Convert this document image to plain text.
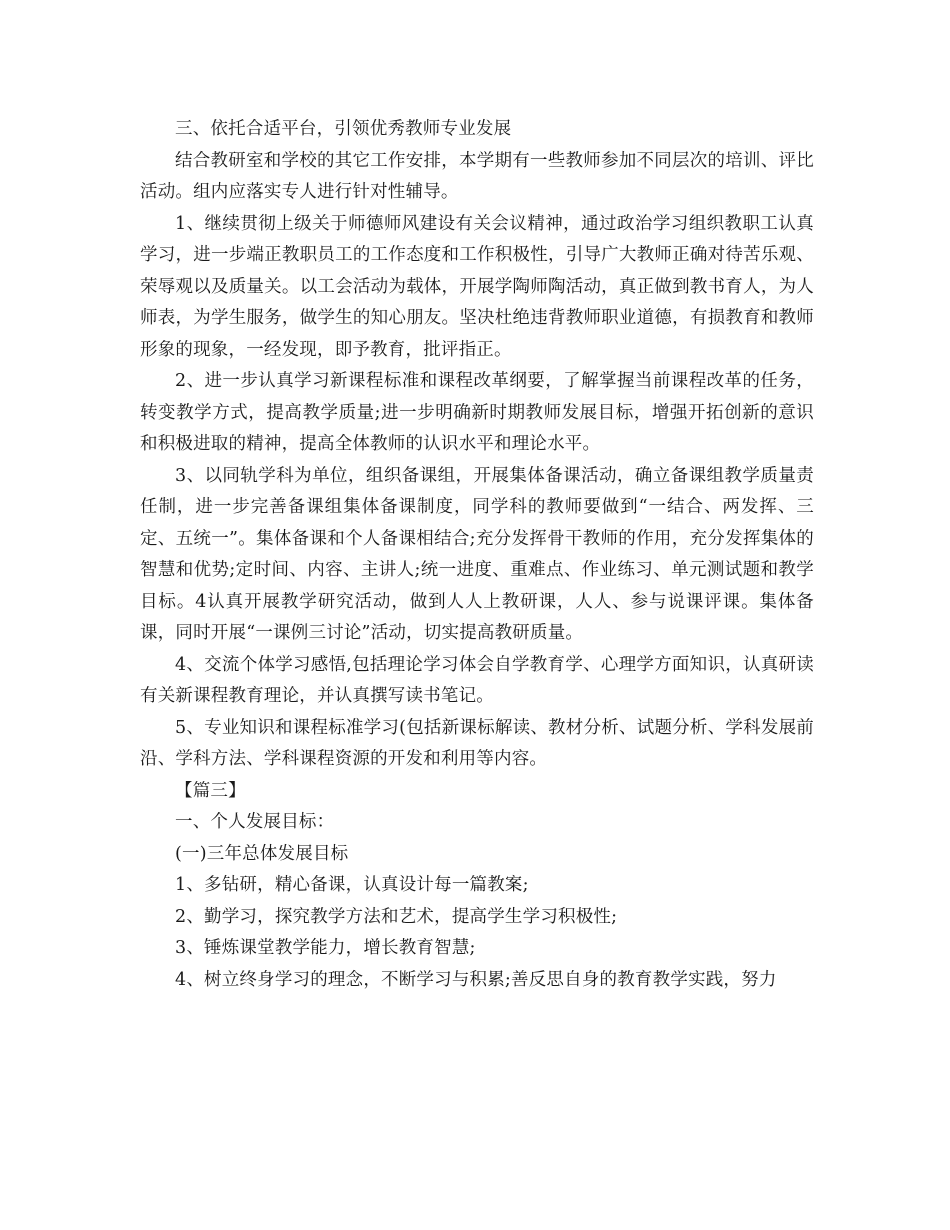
三、依托合适平台，引领优秀教师专业发展

结合教研室和学校的其它工作安排，本学期有一些教师参加不同层次的培训、评比活动。组内应落实专人进行针对性辅导。

1、继续贯彻上级关于师德师风建设有关会议精神，通过政治学习组织教职工认真学习，进一步端正教职员工的工作态度和工作积极性，引导广大教师正确对待苦乐观、荣辱观以及质量关。以工会活动为载体，开展学陶师陶活动，真正做到教书育人，为人师表，为学生服务，做学生的知心朋友。坚决杜绝违背教师职业道德，有损教育和教师形象的现象，一经发现，即予教育，批评指正。

2、进一步认真学习新课程标准和课程改革纲要，了解掌握当前课程改革的任务，转变教学方式，提高教学质量;进一步明确新时期教师发展目标，增强开拓创新的意识和积极进取的精神，提高全体教师的认识水平和理论水平。

3、以同轨学科为单位，组织备课组，开展集体备课活动，确立备课组教学质量责任制，进一步完善备课组集体备课制度，同学科的教师要做到“一结合、两发挥、三定、五统一”。集体备课和个人备课相结合;充分发挥骨干教师的作用，充分发挥集体的智慧和优势;定时间、内容、主讲人;统一进度、重难点、作业练习、单元测试题和教学目标。4认真开展教学研究活动，做到人人上教研课，人人、参与说课评课。集体备课，同时开展“一课例三讨论”活动，切实提高教研质量。

4、交流个体学习感悟,包括理论学习体会自学教育学、心理学方面知识，认真研读有关新课程教育理论，并认真撰写读书笔记。

5、专业知识和课程标准学习(包括新课标解读、教材分析、试题分析、学科发展前沿、学科方法、学科课程资源的开发和利用等内容。

【篇三】

一、个人发展目标：

(一)三年总体发展目标

1、多钻研，精心备课，认真设计每一篇教案;

2、勤学习，探究教学方法和艺术，提高学生学习积极性;

3、锤炼课堂教学能力，增长教育智慧;

4、树立终身学习的理念，不断学习与积累;善反思自身的教育教学实践，努力
